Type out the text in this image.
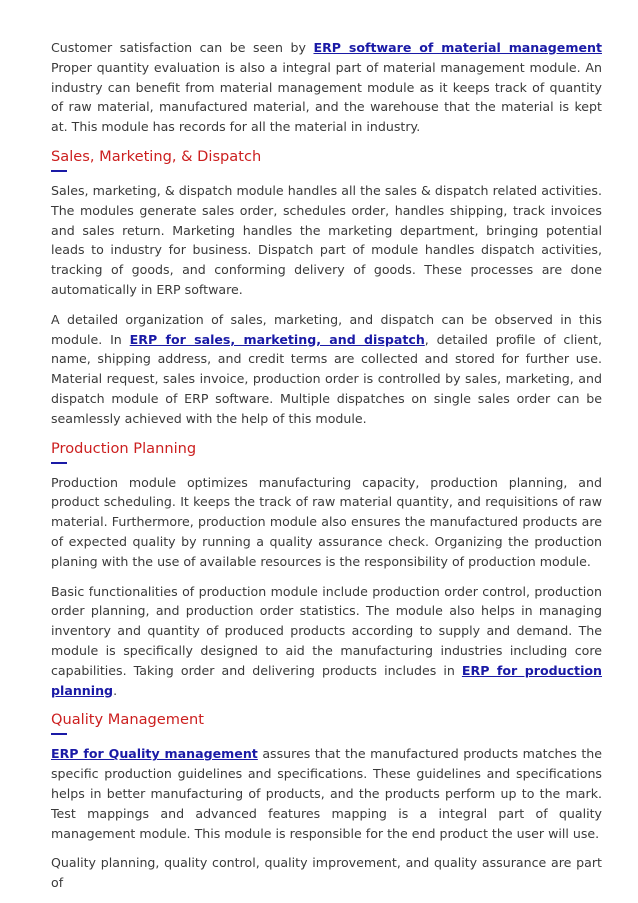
Customer satisfaction can be seen by ERP software of material management Proper quantity evaluation is also a integral part of material management module. An industry can benefit from material management module as it keeps track of quantity of raw material, manufactured material, and the warehouse that the material is kept at. This module has records for all the material in industry.

Sales, Marketing, & Dispatch

Sales, marketing, & dispatch module handles all the sales & dispatch related activities. The modules generate sales order, schedules order, handles shipping, track invoices and sales return. Marketing handles the marketing department, bringing potential leads to industry for business. Dispatch part of module handles dispatch activities, tracking of goods, and conforming delivery of goods. These processes are done automatically in ERP software.

A detailed organization of sales, marketing, and dispatch can be observed in this module. In ERP for sales, marketing, and dispatch, detailed profile of client, name, shipping address, and credit terms are collected and stored for further use. Material request, sales invoice, production order is controlled by sales, marketing, and dispatch module of ERP software. Multiple dispatches on single sales order can be seamlessly achieved with the help of this module.

Production Planning

Production module optimizes manufacturing capacity, production planning, and product scheduling. It keeps the track of raw material quantity, and requisitions of raw material. Furthermore, production module also ensures the manufactured products are of expected quality by running a quality assurance check. Organizing the production planing with the use of available resources is the responsibility of production module.

Basic functionalities of production module include production order control, production order planning, and production order statistics. The module also helps in managing inventory and quantity of produced products according to supply and demand. The module is specifically designed to aid the manufacturing industries including core capabilities. Taking order and delivering products includes in ERP for production planning.

Quality Management

ERP for Quality management assures that the manufactured products matches the specific production guidelines and specifications. These guidelines and specifications helps in better manufacturing of products, and the products perform up to the mark. Test mappings and advanced features mapping is a integral part of quality management module. This module is responsible for the end product the user will use.

Quality planning, quality control, quality improvement, and quality assurance are part of
